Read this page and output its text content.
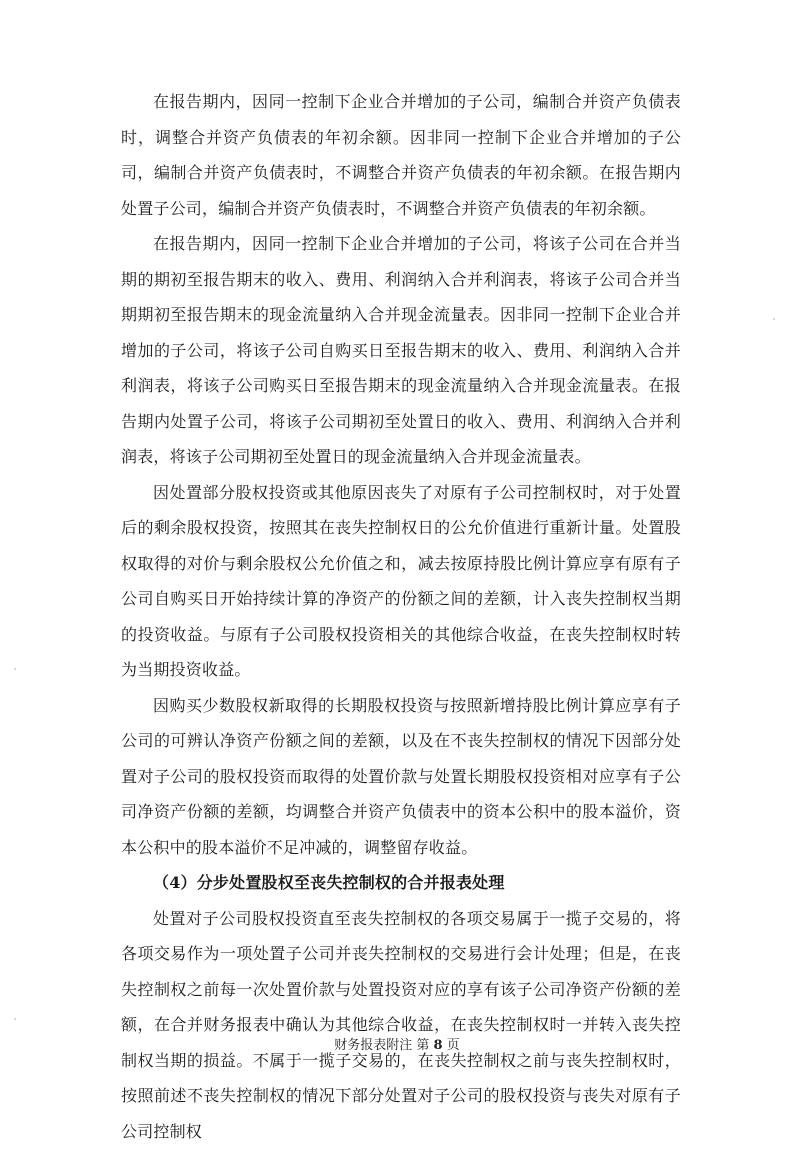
在报告期内，因同一控制下企业合并增加的子公司，编制合并资产负债表时，调整合并资产负债表的年初余额。因非同一控制下企业合并增加的子公司，编制合并资产负债表时，不调整合并资产负债表的年初余额。在报告期内处置子公司，编制合并资产负债表时，不调整合并资产负债表的年初余额。

在报告期内，因同一控制下企业合并增加的子公司，将该子公司在合并当期的期初至报告期末的收入、费用、利润纳入合并利润表，将该子公司合并当期期初至报告期末的现金流量纳入合并现金流量表。因非同一控制下企业合并增加的子公司，将该子公司自购买日至报告期末的收入、费用、利润纳入合并利润表，将该子公司购买日至报告期末的现金流量纳入合并现金流量表。在报告期内处置子公司，将该子公司期初至处置日的收入、费用、利润纳入合并利润表，将该子公司期初至处置日的现金流量纳入合并现金流量表。

因处置部分股权投资或其他原因丧失了对原有子公司控制权时，对于处置后的剩余股权投资，按照其在丧失控制权日的公允价值进行重新计量。处置股权取得的对价与剩余股权公允价值之和，减去按原持股比例计算应享有原有子公司自购买日开始持续计算的净资产的份额之间的差额，计入丧失控制权当期的投资收益。与原有子公司股权投资相关的其他综合收益，在丧失控制权时转为当期投资收益。

因购买少数股权新取得的长期股权投资与按照新增持股比例计算应享有子公司的可辨认净资产份额之间的差额，以及在不丧失控制权的情况下因部分处置对子公司的股权投资而取得的处置价款与处置长期股权投资相对应享有子公司净资产份额的差额，均调整合并资产负债表中的资本公积中的股本溢价，资本公积中的股本溢价不足冲减的，调整留存收益。

（4）分步处置股权至丧失控制权的合并报表处理

处置对子公司股权投资直至丧失控制权的各项交易属于一揽子交易的，将各项交易作为一项处置子公司并丧失控制权的交易进行会计处理；但是，在丧失控制权之前每一次处置价款与处置投资对应的享有该子公司净资产份额的差额，在合并财务报表中确认为其他综合收益，在丧失控制权时一并转入丧失控制权当期的损益。不属于一揽子交易的，在丧失控制权之前与丧失控制权时，按照前述不丧失控制权的情况下部分处置对子公司的股权投资与丧失对原有子公司控制权

财务报表附注 第 8 页
